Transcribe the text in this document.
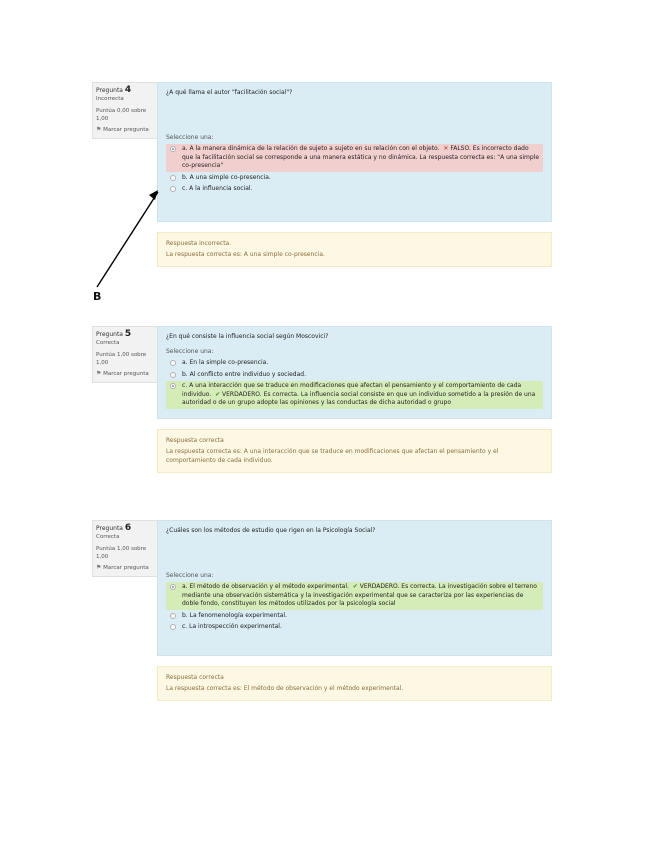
Pregunta 4
Incorrecta
Puntúa 0,00 sobre 1,00
⚑ Marcar pregunta
¿A qué llama el autor "facilitación social"?
Seleccione una:
a. A la manera dinámica de la relación de sujeto a sujeto en su relación con el objeto. ✕ FALSO. Es incorrecto dado que la facilitación social se corresponde a una manera estática y no dinámica. La respuesta correcta es: "A una simple co-presencia"
b. A una simple co-presencia.
c. A la influencia social.
Respuesta incorrecta.
La respuesta correcta es: A una simple co-presencia.
B
Pregunta 5
Correcta
Puntúa 1,00 sobre 1,00
⚑ Marcar pregunta
¿En qué consiste la influencia social según Moscovici?
Seleccione una:
a. En la simple co-presencia.
b. Al conflicto entre individuo y sociedad.
c. A una interacción que se traduce en modificaciones que afectan el pensamiento y el comportamiento de cada individuo. ✔ VERDADERO. Es correcta. La influencia social consiste en que un individuo sometido a la presión de una autoridad o de un grupo adopte las opiniones y las conductas de dicha autoridad o grupo
Respuesta correcta
La respuesta correcta es: A una interacción que se traduce en modificaciones que afectan el pensamiento y el comportamiento de cada individuo.
Pregunta 6
Correcta
Puntúa 1,00 sobre 1,00
⚑ Marcar pregunta
¿Cuáles son los métodos de estudio que rigen en la Psicología Social?
Seleccione una:
a. El método de observación y el método experimental. ✔ VERDADERO. Es correcta. La investigación sobre el terreno mediante una observación sistemática y la investigación experimental que se caracteriza por las experiencias de doble fondo, constituyen los métodos utilizados por la psicología social
b. La fenomenología experimental.
c. La introspección experimental.
Respuesta correcta
La respuesta correcta es: El método de observación y el método experimental.
